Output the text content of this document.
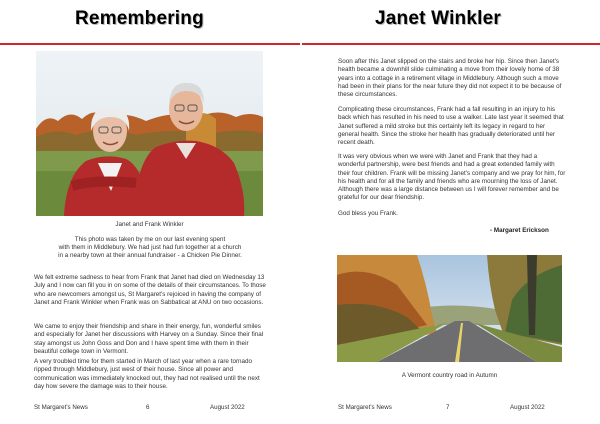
Remembering
Janet and Frank Winkler
This photo was taken by me on our last evening spent
with them in Middlebury. We had just had fun together at a church
in a nearby town at their annual fundraiser - a Chicken Pie Dinner.

We felt extreme sadness to hear from Frank that Janet had died on Wednesday 13 July and I now can fill you in on some of the details of their circumstances. To those who are newcomers amongst us, St Margaret's rejoiced in having the company of Janet and Frank Winkler when Frank was on Sabbatical at ANU on two occasions.

We came to enjoy their friendship and share in their energy, fun, wonderful smiles and especially for Janet her discussions with Harvey on a Sunday. Since their final stay amongst us John Goss and Don and I have spent time with them in their beautiful college town in Vermont.

A very troubled time for them started in March of last year when a rare tornado ripped through Middlebury, just west of their house. Since all power and communication was immediately knocked out, they had not realised until the next day how severe the damage was to their house.

St Margaret's News	6	August 2022
Janet Winkler

Soon after this Janet slipped on the stairs and broke her hip. Since then Janet's health became a downhill slide culminating a move from their lovely home of 38 years into a cottage in a retirement village in Middlebury. Although such a move had been in their plans for the near future they did not expect it to be because of these circumstances.

Complicating these circumstances, Frank had a fall resulting in an injury to his back which has resulted in his need to use a walker. Late last year it seemed that Janet suffered a mild stroke but this certainly left its legacy in regard to her general health. Since the stroke her health has gradually deteriorated until her recent death.

It was very obvious when we were with Janet and Frank that they had a wonderful partnership, were best friends and had a great extended family with their four children. Frank will be missing Janet's company and we pray for him, for his health and for all the family and friends who are mourning the loss of Janet. Although there was a large distance between us I will forever remember and be grateful for our dear friendship.

God bless you Frank.

- Margaret Erickson
A Vermont country road in Autumn
St Margaret's News	7	August 2022
